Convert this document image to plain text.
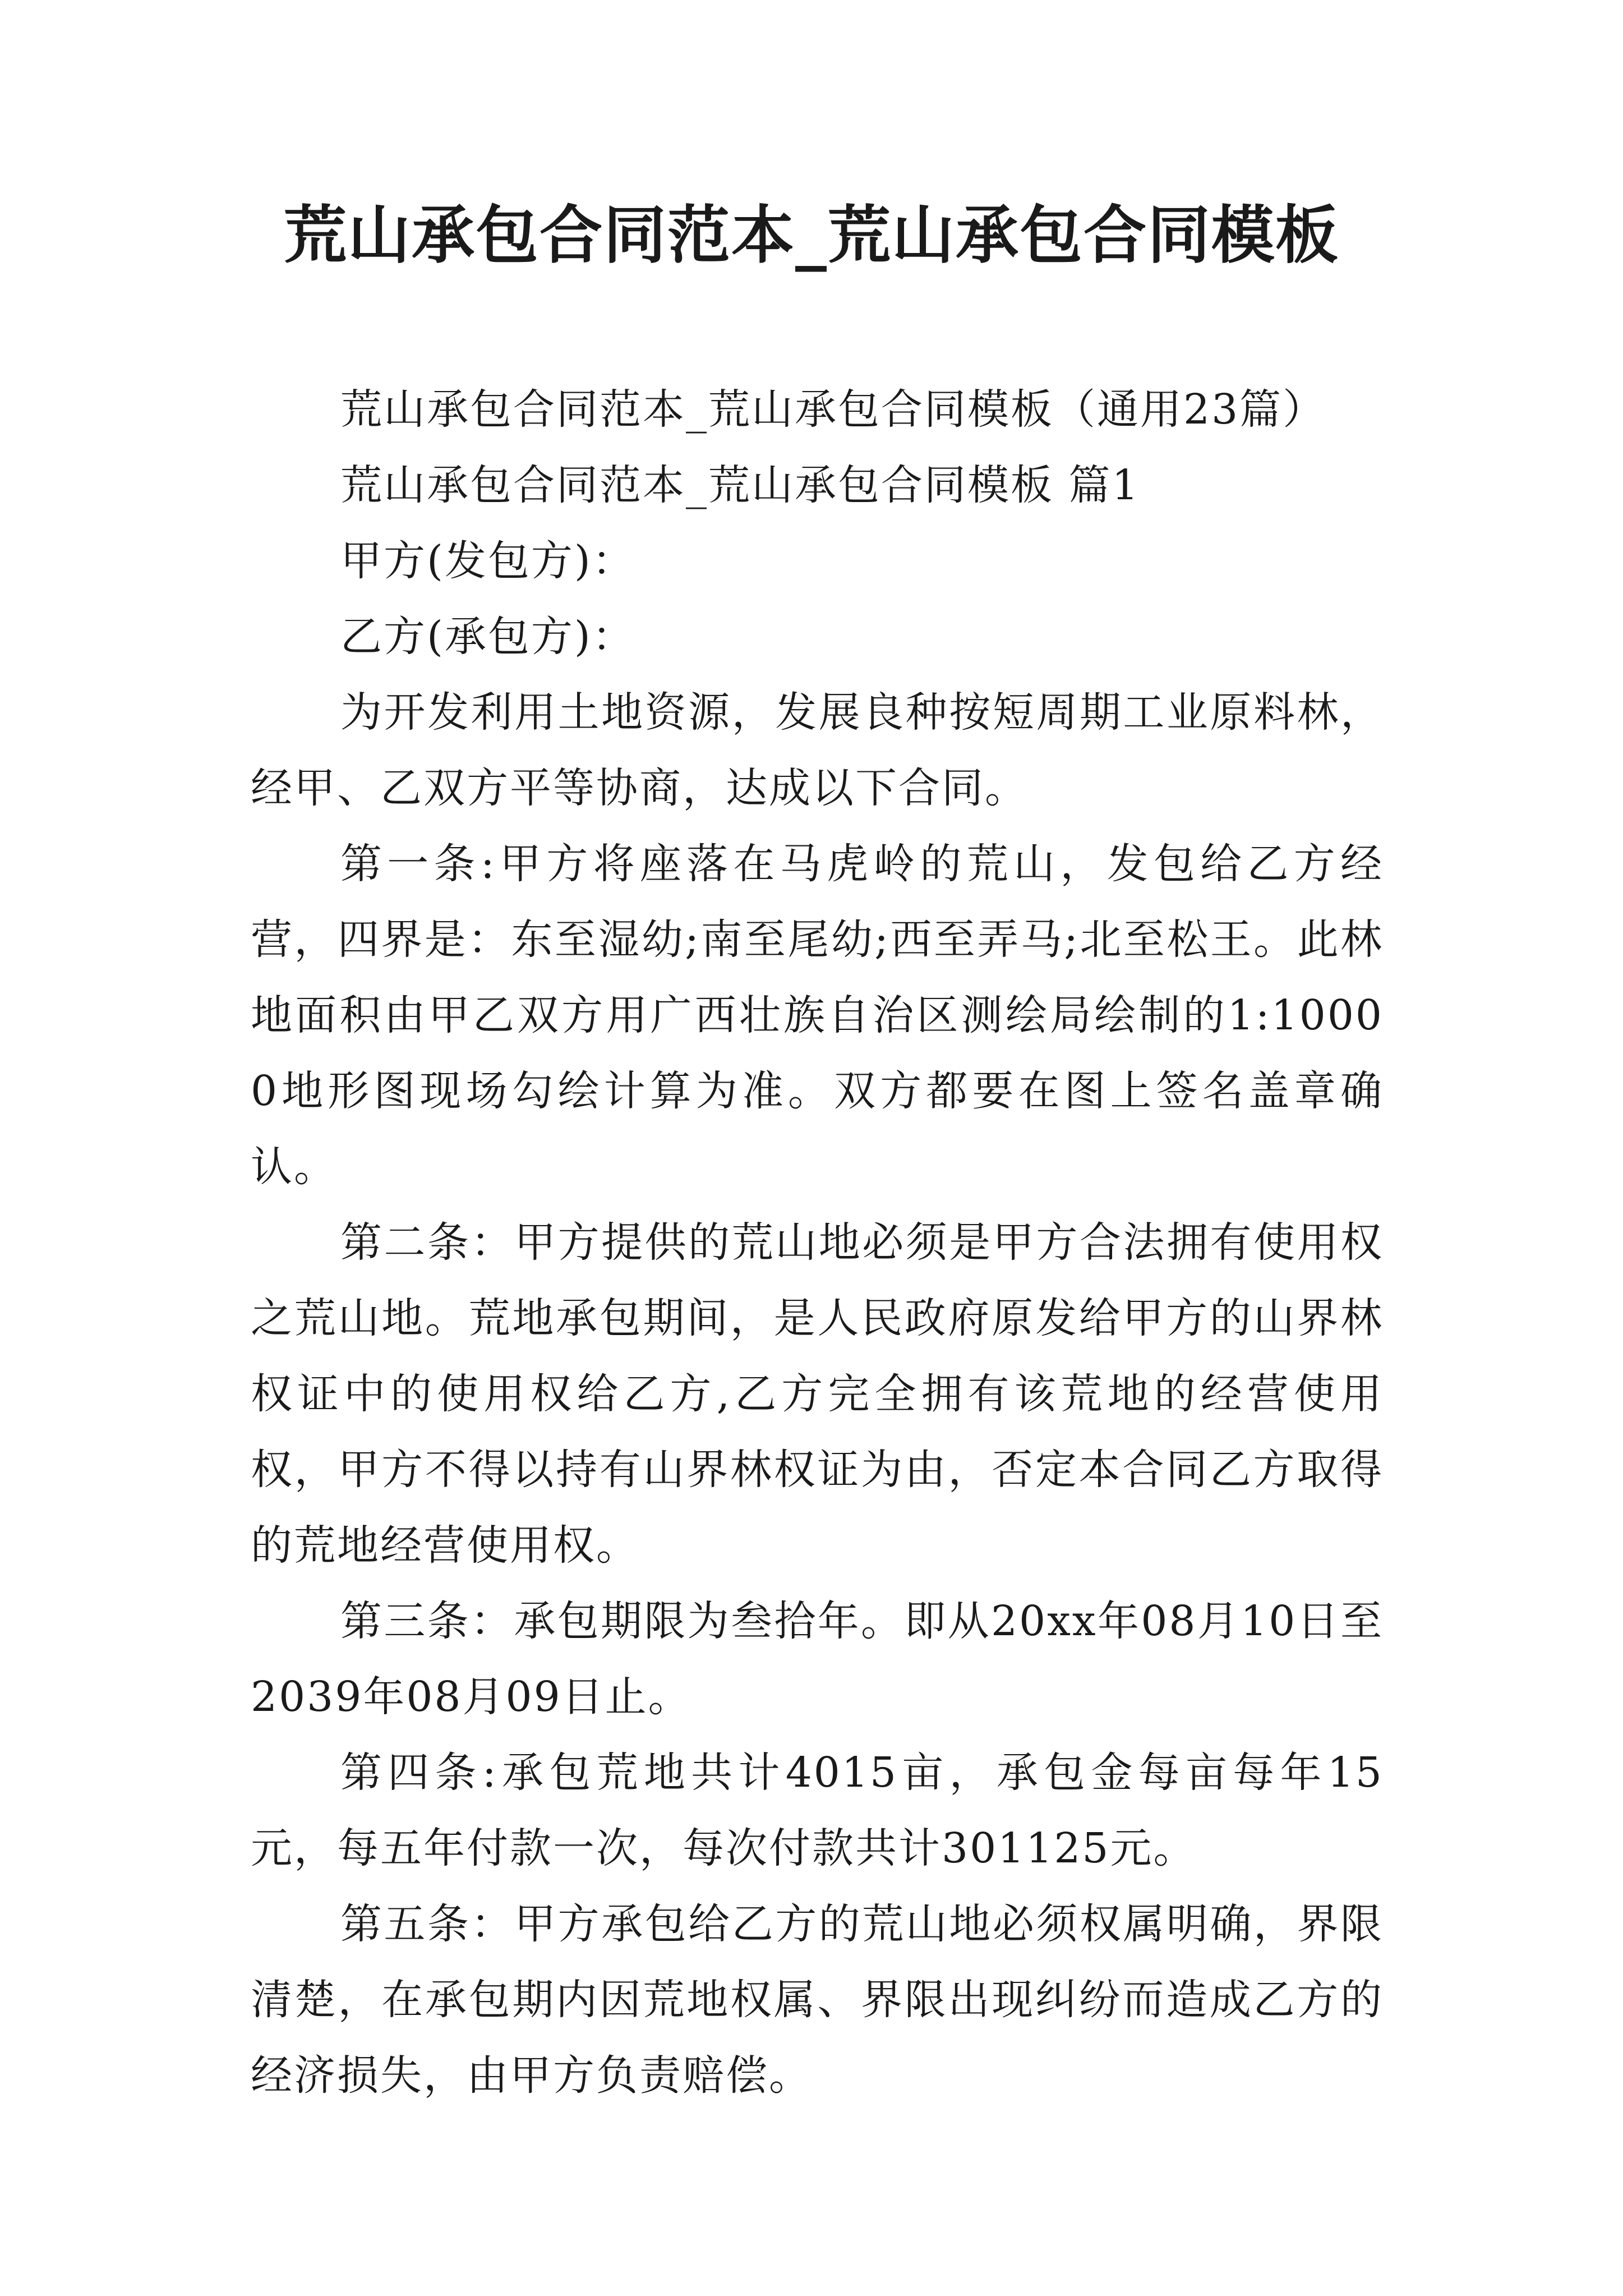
荒山承包合同范本_荒山承包合同模板

荒山承包合同范本_荒山承包合同模板（通用23篇）

荒山承包合同范本_荒山承包合同模板 篇1

甲方(发包方)：

乙方(承包方)：

为开发利用土地资源，发展良种按短周期工业原料林，经甲、乙双方平等协商，达成以下合同。

第一条:甲方将座落在马虎岭的荒山，发包给乙方经营，四界是：东至湿幼;南至尾幼;西至弄马;北至松王。此林地面积由甲乙双方用广西壮族自治区测绘局绘制的1:10000地形图现场勾绘计算为准。双方都要在图上签名盖章确认。

第二条：甲方提供的荒山地必须是甲方合法拥有使用权之荒山地。荒地承包期间，是人民政府原发给甲方的山界林权证中的使用权给乙方,乙方完全拥有该荒地的经营使用权，甲方不得以持有山界林权证为由，否定本合同乙方取得的荒地经营使用权。

第三条：承包期限为叁拾年。即从20xx年08月10日至2039年08月09日止。

第四条:承包荒地共计4015亩，承包金每亩每年15元，每五年付款一次，每次付款共计301125元。

第五条：甲方承包给乙方的荒山地必须权属明确，界限清楚，在承包期内因荒地权属、界限出现纠纷而造成乙方的经济损失，由甲方负责赔偿。
